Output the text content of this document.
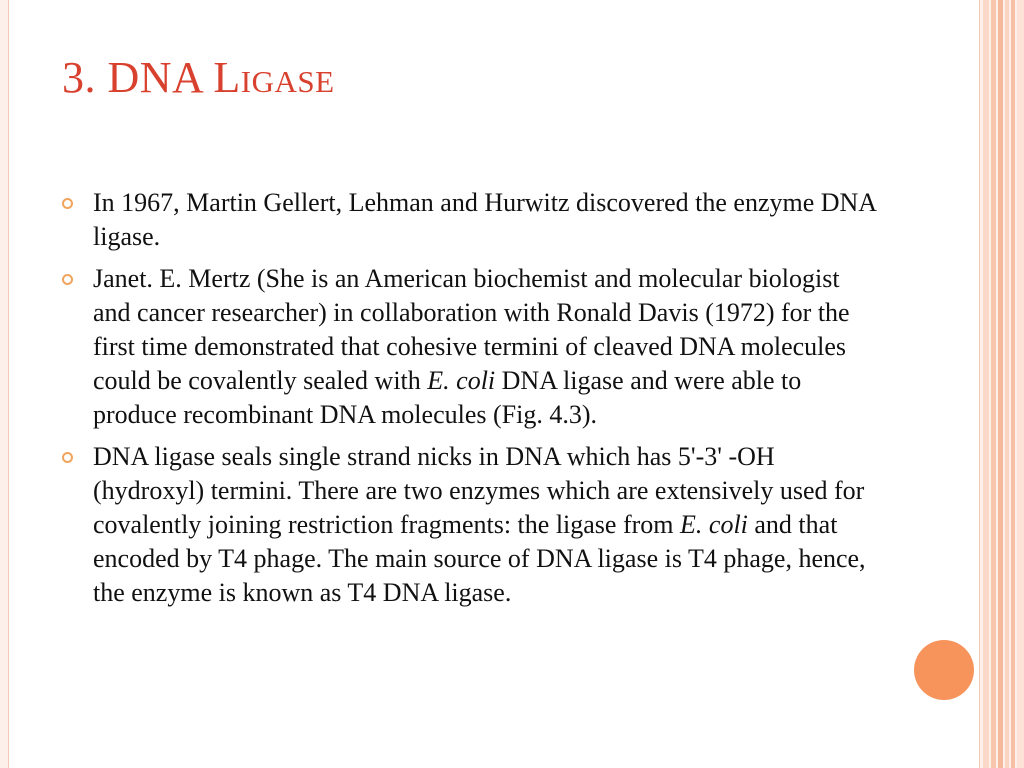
3. DNA Ligase
In 1967, Martin Gellert, Lehman and Hurwitz discovered the enzyme DNA ligase.
Janet. E. Mertz (She is an American biochemist and molecular biologist and cancer researcher) in collaboration with Ronald Davis (1972) for the first time demonstrated that cohesive termini of cleaved DNA molecules could be covalently sealed with E. coli DNA ligase and were able to produce recombinant DNA molecules (Fig. 4.3).
DNA ligase seals single strand nicks in DNA which has 5'-3' -OH (hydroxyl) termini. There are two enzymes which are extensively used for covalently joining restriction fragments: the ligase from E. coli and that encoded by T4 phage. The main source of DNA ligase is T4 phage, hence, the enzyme is known as T4 DNA ligase.
